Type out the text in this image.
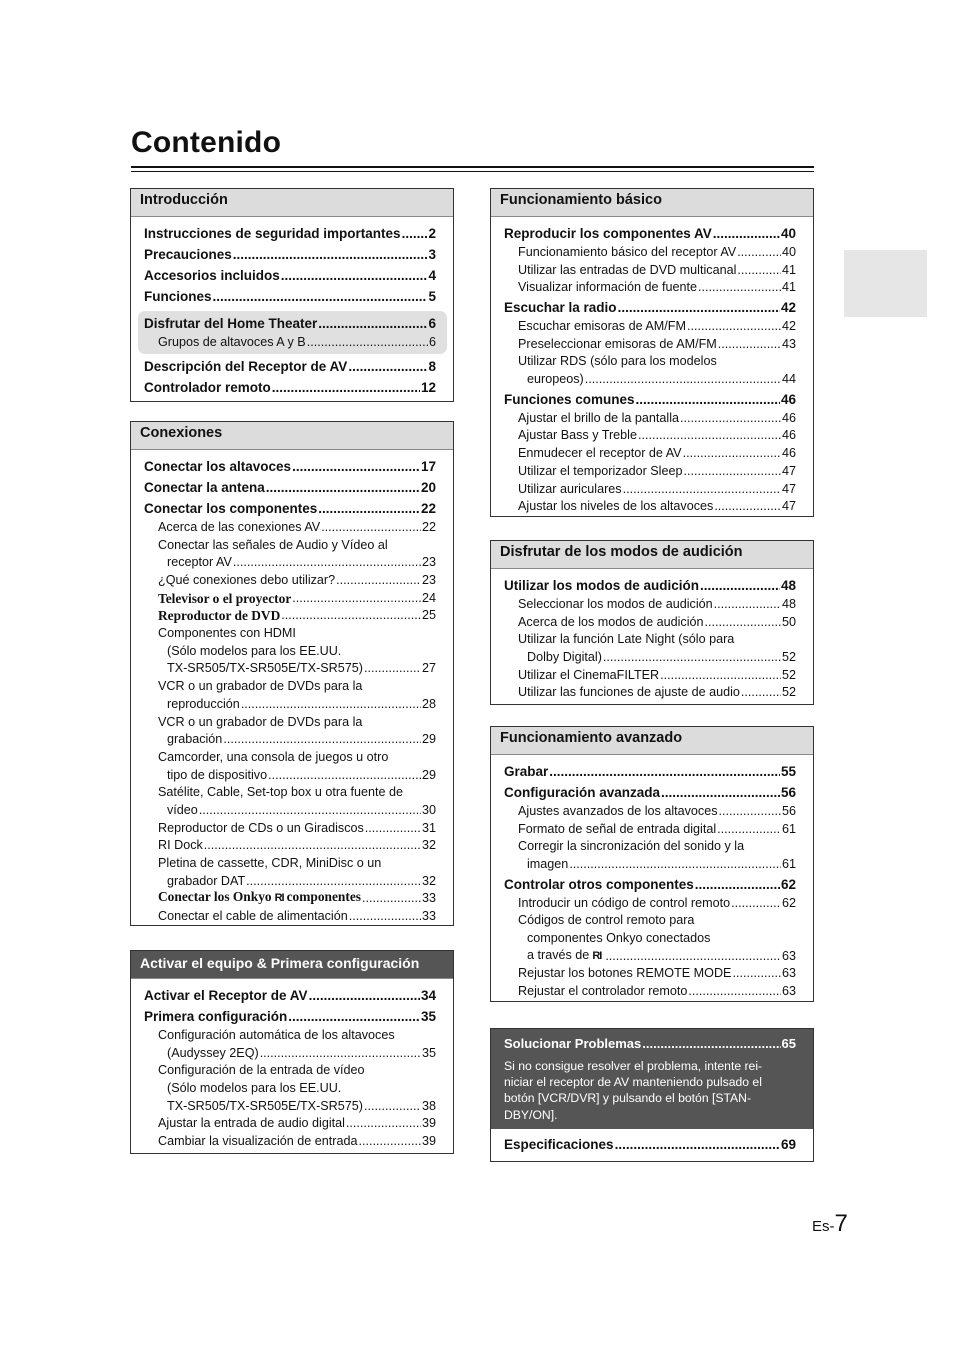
Contenido
Introducción
Instrucciones de seguridad importantes ..... 2
Precauciones .....	3
Accesorios incluidos .....	4
Funciones .....	5
Disfrutar del Home Theater .....	6
Grupos de altavoces A y B .....	6
Descripción del Receptor de AV .....	8
Controlador remoto .....	12
Conexiones
Conectar los altavoces .....	17
Conectar la antena .....	20
Conectar los componentes .....	22
Acerca de las conexiones AV .....	22
Conectar las señales de Audio y Vídeo al
receptor AV .....	23
¿Qué conexiones debo utilizar? .....	23
Televisor o el proyector .....	24
Reproductor de DVD .....	25
Componentes con HDMI
(Sólo modelos para los EE.UU.
TX-SR505/TX-SR505E/TX-SR575) .....	27
VCR o un grabador de DVDs para la
reproducción .....	28
VCR o un grabador de DVDs para la
grabación .....	29
Camcorder, una consola de juegos u otro
tipo de dispositivo .....	29
Satélite, Cable, Set-top box u otra fuente de
vídeo .....	30
Reproductor de CDs o un Giradiscos .....	31
RI Dock .....	32
Pletina de cassette, CDR, MiniDisc o un
grabador DAT .....	32
Conectar los Onkyo RI componentes .....	33
Conectar el cable de alimentación .....	33
Activar el equipo & Primera configuración
Activar el Receptor de AV .....	34
Primera configuración .....	35
Configuración automática de los altavoces
(Audyssey 2EQ) .....	35
Configuración de la entrada de vídeo
(Sólo modelos para los EE.UU.
TX-SR505/TX-SR505E/TX-SR575) .....	38
Ajustar la entrada de audio digital .....	39
Cambiar la visualización de entrada .....	39
Funcionamiento básico
Reproducir los componentes AV .....	40
Funcionamiento básico del receptor AV .....	40
Utilizar las entradas de DVD multicanal .....	41
Visualizar información de fuente .....	41
Escuchar la radio .....	42
Escuchar emisoras de AM/FM .....	42
Preseleccionar emisoras de AM/FM .....	43
Utilizar RDS (sólo para los modelos
europeos) .....	44
Funciones comunes .....	46
Ajustar el brillo de la pantalla .....	46
Ajustar Bass y Treble .....	46
Enmudecer el receptor de AV .....	46
Utilizar el temporizador Sleep .....	47
Utilizar auriculares .....	47
Ajustar los niveles de los altavoces .....	47
Disfrutar de los modos de audición
Utilizar los modos de audición .....	48
Seleccionar los modos de audición .....	48
Acerca de los modos de audición .....	50
Utilizar la función Late Night (sólo para
Dolby Digital) .....	52
Utilizar el CinemaFILTER .....	52
Utilizar las funciones de ajuste de audio .....	52
Funcionamiento avanzado
Grabar .....	55
Configuración avanzada .....	56
Ajustes avanzados de los altavoces .....	56
Formato de señal de entrada digital .....	61
Corregir la sincronización del sonido y la
imagen .....	61
Controlar otros componentes .....	62
Introducir un código de control remoto .....	62
Códigos de control remoto para
componentes Onkyo conectados
a través de RI .....	63
Rejustar los botones REMOTE MODE .....	63
Rejustar el controlador remoto .....	63
Solucionar Problemas .....	65
Si no consigue resolver el problema, intente rei-niciar el receptor de AV manteniendo pulsado el botón [VCR/DVR] y pulsando el botón [STAN-DBY/ON].
Especificaciones .....	69
Es-7
